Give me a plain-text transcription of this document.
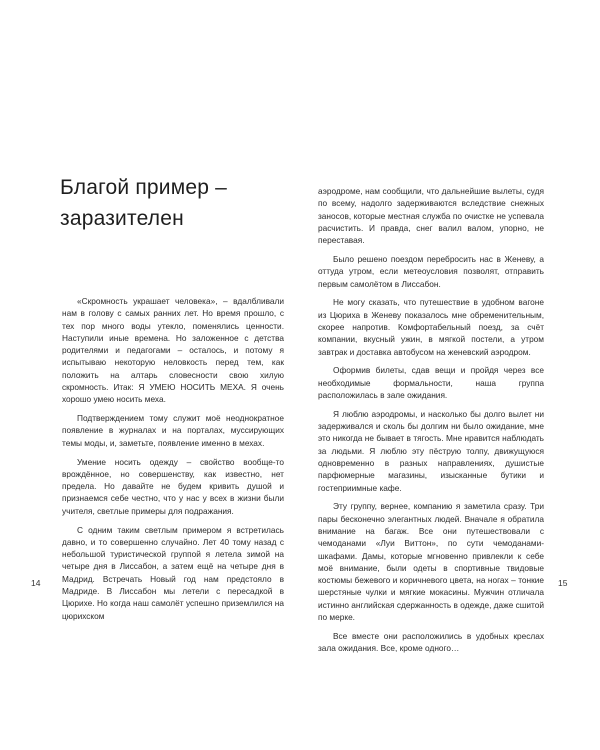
Благой пример –
заразителен

«Скромность украшает человека», – вдалбливали нам в голову с самых ранних лет. Но время прошло, с тех пор много воды утекло, поменялись ценности. Наступили иные времена. Но заложенное с детства родителями и педагогами – осталось, и потому я испытываю некоторую неловкость перед тем, как положить на алтарь словесности свою хилую скромность. Итак: Я УМЕЮ НОСИТЬ МЕХА. Я очень хорошо умею носить меха.

Подтверждением тому служит моё неоднократное появление в журналах и на порталах, муссирующих темы моды, и, заметьте, появление именно в мехах.

Умение носить одежду – свойство вообще-то врождённое, но совершенству, как известно, нет предела. Но давайте не будем кривить душой и признаемся себе честно, что у нас у всех в жизни были учителя, светлые примеры для подражания.

С одним таким светлым примером я встретилась давно, и то совершенно случайно. Лет 40 тому назад с небольшой туристической группой я летела зимой на четыре дня в Лиссабон, а затем ещё на четыре дня в Мадрид. Встречать Новый год нам предстояло в Мадриде. В Лиссабон мы летели с пересадкой в Цюрихе. Но когда наш самолёт успешно приземлился на цюрихском

14

аэродроме, нам сообщили, что дальнейшие вылеты, судя по всему, надолго задерживаются вследствие снежных заносов, которые местная служба по очистке не успевала расчистить. И правда, снег валил валом, упорно, не переставая.

Было решено поездом перебросить нас в Женеву, а оттуда утром, если метеоусловия позволят, отправить первым самолётом в Лиссабон.

Не могу сказать, что путешествие в удобном вагоне из Цюриха в Женеву показалось мне обременительным, скорее напротив. Комфортабельный поезд, за счёт компании, вкусный ужин, в мягкой постели, а утром завтрак и доставка автобусом на женевский аэродром.

Оформив билеты, сдав вещи и пройдя через все необходимые формальности, наша группа расположилась в зале ожидания.

Я люблю аэродромы, и насколько бы долго вылет ни задерживался и сколь бы долгим ни было ожидание, мне это никогда не бывает в тягость. Мне нравится наблюдать за людьми. Я люблю эту пёструю толпу, движущуюся одновременно в разных направлениях, душистые парфюмерные магазины, изысканные бутики и гостеприимные кафе.

Эту группу, вернее, компанию я заметила сразу. Три пары бесконечно элегантных людей. Вначале я обратила внимание на багаж. Все они путешествовали с чемоданами «Луи Виттон», по сути чемоданами-шкафами. Дамы, которые мгновенно привлекли к себе моё внимание, были одеты в спортивные твидовые костюмы бежевого и коричневого цвета, на ногах – тонкие шерстяные чулки и мягкие мокасины. Мужчин отличала истинно английская сдержанность в одежде, даже сшитой по мерке.

Все вместе они расположились в удобных креслах зала ожидания. Все, кроме одного…

15
